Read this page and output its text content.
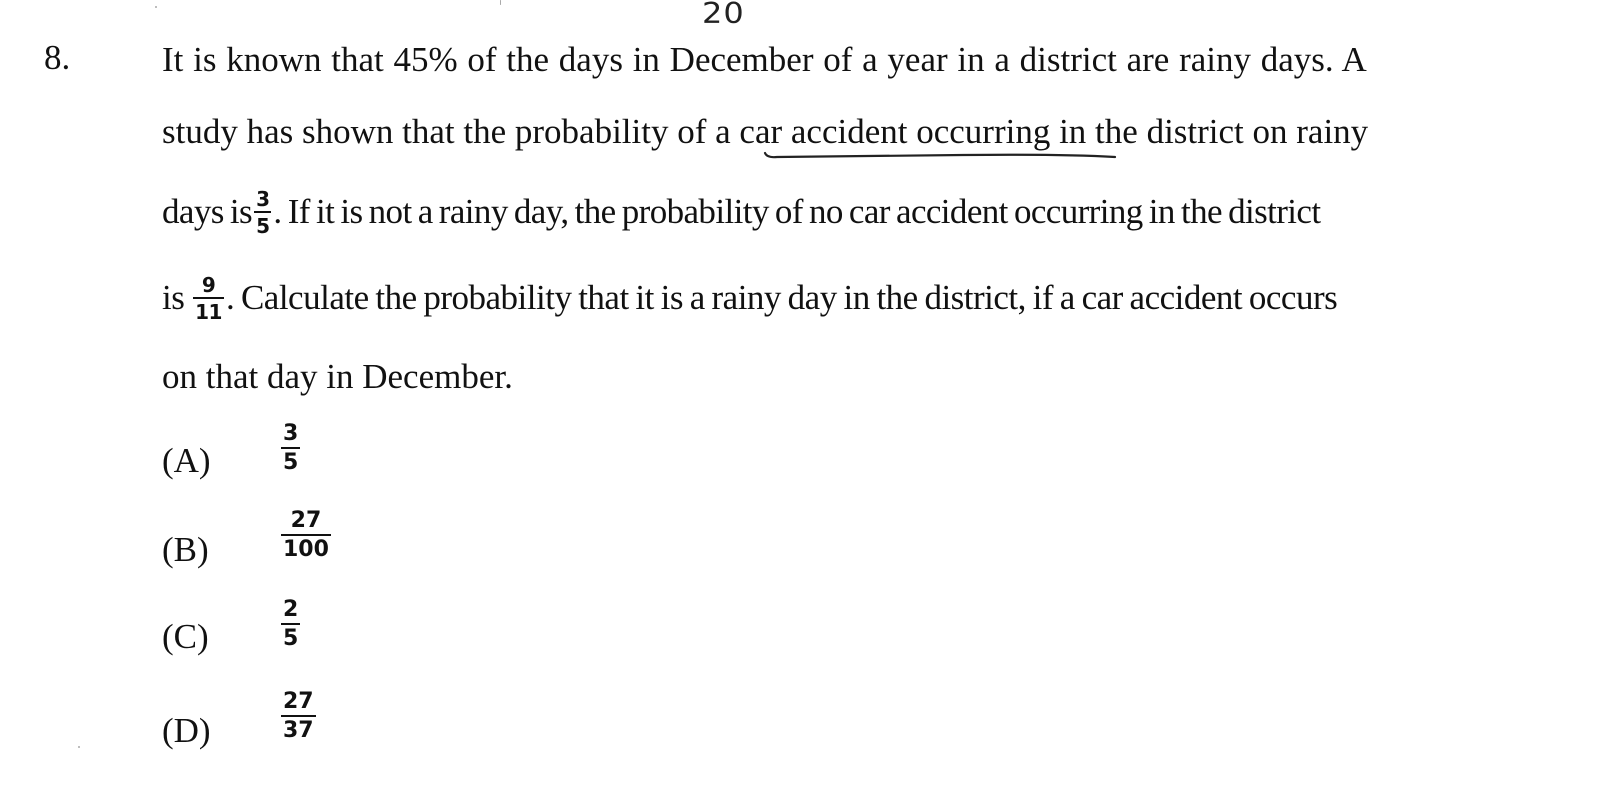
20
8.	It is known that 45% of the days in December of a year in a district are rainy days. A
study has shown that the probability of a car accident occurring in the district on rainy
days is $\frac{3}{5}$ . If it is not a rainy day, the probability of no car accident occurring in the district
is $\frac{9}{11}$ . Calculate the probability that it is a rainy day in the district, if a car accident occurs
on that day in December.
(A)	$\frac{3}{5}$
(B)	$\frac{27}{100}$
(C)	$\frac{2}{5}$
(D)	$\frac{27}{37}$
